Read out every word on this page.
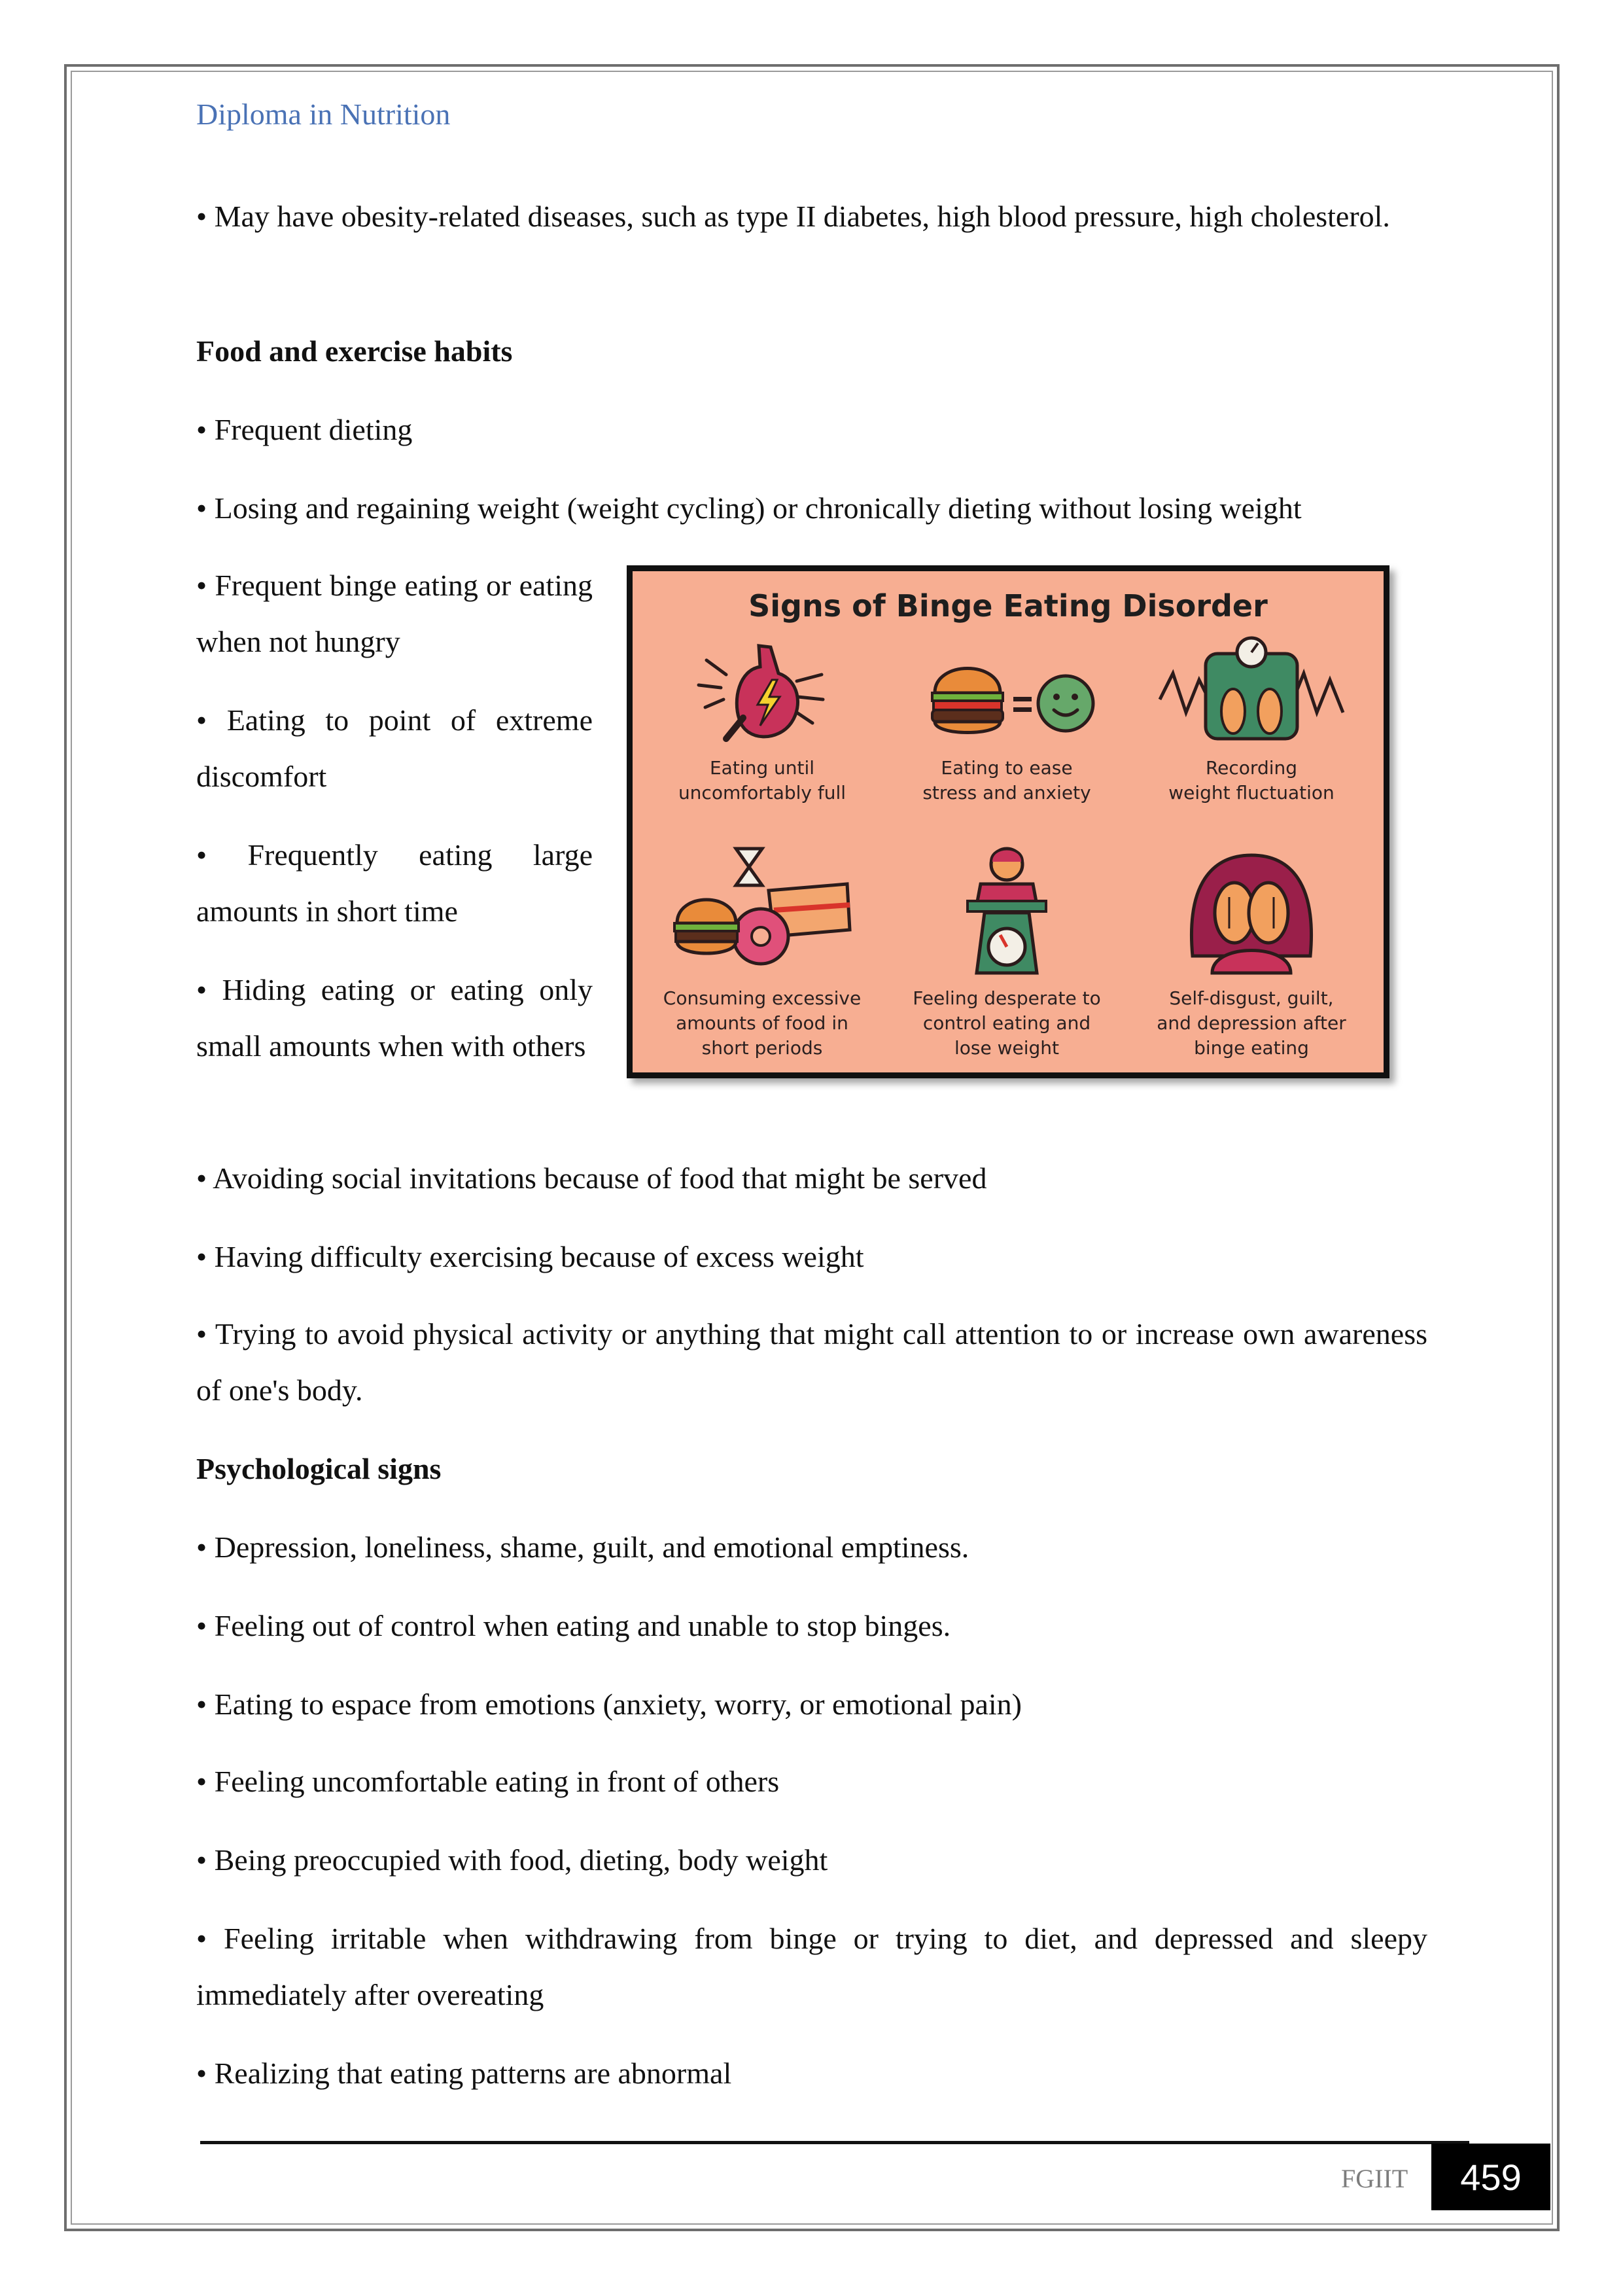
Diploma in Nutrition

• May have obesity-related diseases, such as type II diabetes, high blood pressure, high cholesterol.

Food and exercise habits

• Frequent dieting

• Losing and regaining weight (weight cycling) or chronically dieting without losing weight

• Frequent binge eating or eating when not hungry

• Eating to point of extreme discomfort

• Frequently eating large amounts in short time

• Hiding eating or eating only small amounts when with others

Signs of Binge Eating Disorder
Eating until
uncomfortably full
Eating to ease
stress and anxiety
Recording
weight fluctuation
Consuming excessive
amounts of food in
short periods
Feeling desperate to
control eating and
lose weight
Self-disgust, guilt,
and depression after
binge eating

• Avoiding social invitations because of food that might be served

• Having difficulty exercising because of excess weight

• Trying to avoid physical activity or anything that might call attention to or increase own awareness of one's body.

Psychological signs

• Depression, loneliness, shame, guilt, and emotional emptiness.

• Feeling out of control when eating and unable to stop binges.

• Eating to espace from emotions (anxiety, worry, or emotional pain)

• Feeling uncomfortable eating in front of others

• Being preoccupied with food, dieting, body weight

• Feeling irritable when withdrawing from binge or trying to diet, and depressed and sleepy immediately after overeating

• Realizing that eating patterns are abnormal

FGIIT	459
